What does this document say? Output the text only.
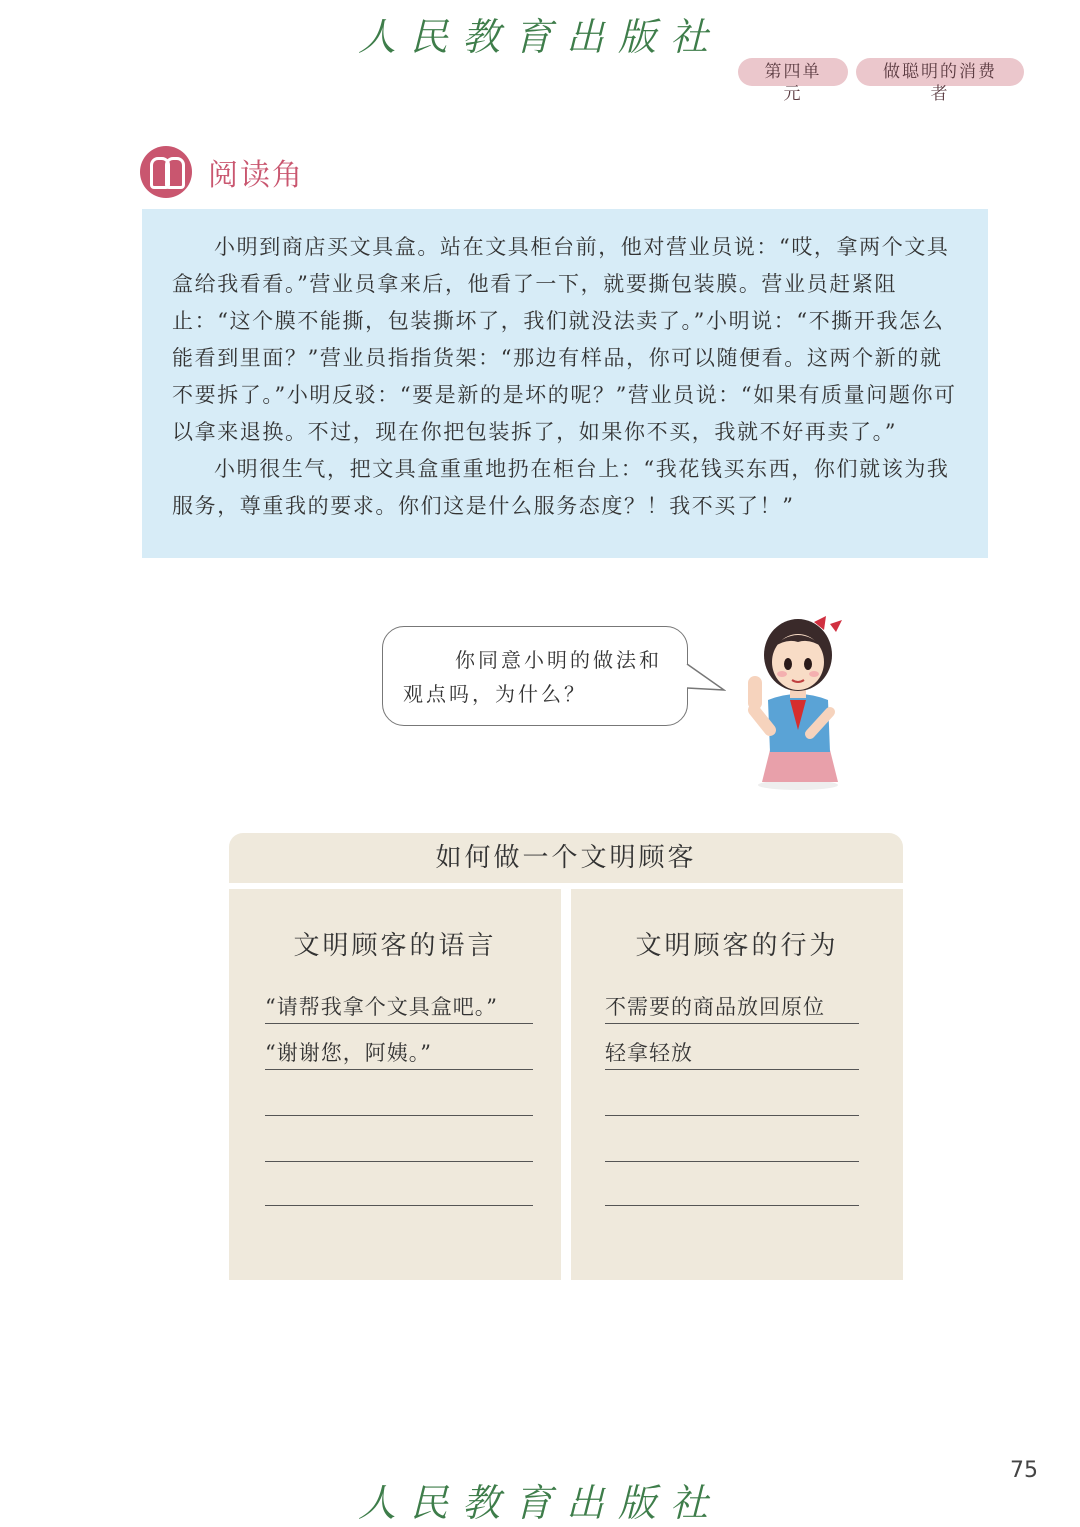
人民教育出版社
第四单元
做聪明的消费者
阅读角

小明到商店买文具盒。站在文具柜台前，他对营业员说：“哎，拿两个文具盒给我看看。”营业员拿来后，他看了一下，就要撕包装膜。营业员赶紧阻止：“这个膜不能撕，包装撕坏了，我们就没法卖了。”小明说：“不撕开我怎么能看到里面？”营业员指指货架：“那边有样品，你可以随便看。这两个新的就不要拆了。”小明反驳：“要是新的是坏的呢？”营业员说：“如果有质量问题你可以拿来退换。不过，现在你把包装拆了，如果你不买，我就不好再卖了。”

小明很生气，把文具盒重重地扔在柜台上：“我花钱买东西，你们就该为我服务，尊重我的要求。你们这是什么服务态度？！我不买了！”

你同意小明的做法和
观点吗，为什么？
如何做一个文明顾客
文明顾客的语言
“请帮我拿个文具盒吧。”
“谢谢您，阿姨。”
文明顾客的行为
不需要的商品放回原位
轻拿轻放
75
人民教育出版社
